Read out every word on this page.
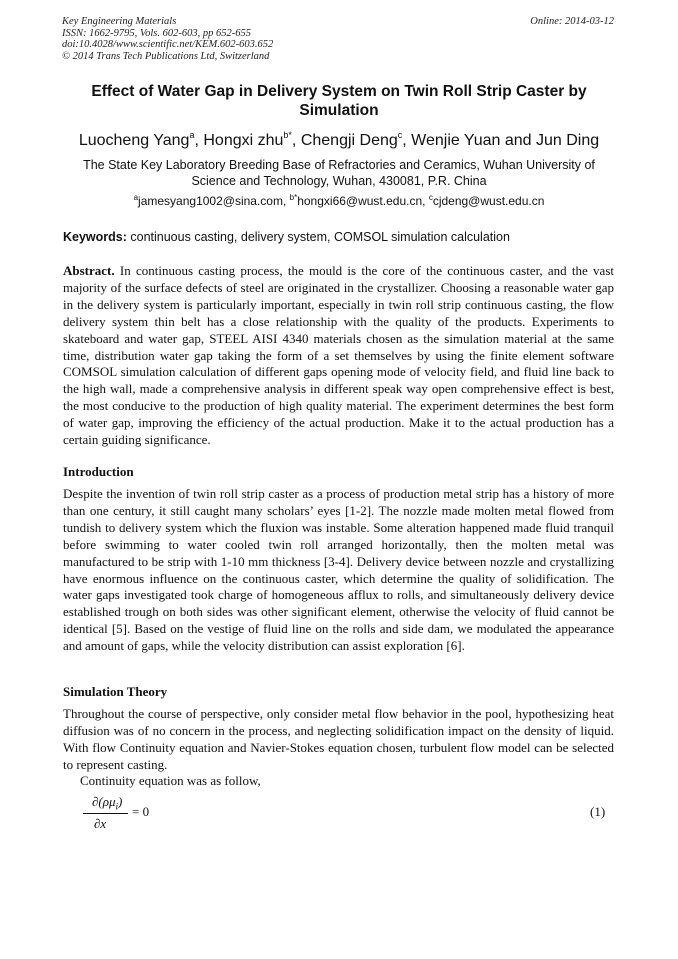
Key Engineering Materials
ISSN: 1662-9795, Vols. 602-603, pp 652-655
doi:10.4028/www.scientific.net/KEM.602-603.652
© 2014 Trans Tech Publications Ltd, Switzerland
Online: 2014-03-12
Effect of Water Gap in Delivery System on Twin Roll Strip Caster by Simulation
Luocheng Yang$^a$, Hongxi zhu$^{b*}$, Chengji Deng$^c$, Wenjie Yuan and Jun Ding
The State Key Laboratory Breeding Base of Refractories and Ceramics, Wuhan University of Science and Technology, Wuhan, 430081, P.R. China
$^a$jamesyang1002@sina.com, $^{b*}$hongxi66@wust.edu.cn, $^c$cjdeng@wust.edu.cn
Keywords: continuous casting, delivery system, COMSOL simulation calculation

Abstract. In continuous casting process, the mould is the core of the continuous caster, and the vast majority of the surface defects of steel are originated in the crystallizer. Choosing a reasonable water gap in the delivery system is particularly important, especially in twin roll strip continuous casting, the flow delivery system thin belt has a close relationship with the quality of the products. Experiments to skateboard and water gap, STEEL AISI 4340 materials chosen as the simulation material at the same time, distribution water gap taking the form of a set themselves by using the finite element software COMSOL simulation calculation of different gaps opening mode of velocity field, and fluid line back to the high wall, made a comprehensive analysis in different speak way open comprehensive effect is best, the most conducive to the production of high quality material. The experiment determines the best form of water gap, improving the efficiency of the actual production. Make it to the actual production has a certain guiding significance.

Introduction

Despite the invention of twin roll strip caster as a process of production metal strip has a history of more than one century, it still caught many scholars’ eyes [1-2]. The nozzle made molten metal flowed from tundish to delivery system which the fluxion was instable. Some alteration happened made fluid tranquil before swimming to water cooled twin roll arranged horizontally, then the molten metal was manufactured to be strip with 1-10 mm thickness [3-4]. Delivery device between nozzle and crystallizing have enormous influence on the continuous caster, which determine the quality of solidification. The water gaps investigated took charge of homogeneous afflux to rolls, and simultaneously delivery device established trough on both sides was other significant element, otherwise the velocity of fluid cannot be identical [5]. Based on the vestige of fluid line on the rolls and side dam, we modulated the appearance and amount of gaps, while the velocity distribution can assist exploration [6].

Simulation Theory

Throughout the course of perspective, only consider metal flow behavior in the pool, hypothesizing heat diffusion was of no concern in the process, and neglecting solidification impact on the density of liquid. With flow Continuity equation and Navier-Stokes equation chosen, turbulent flow model can be selected to represent casting.

Continuity equation was as follow,
$\partial(\rho\mu_i)$
∂x
= 0	(1)
